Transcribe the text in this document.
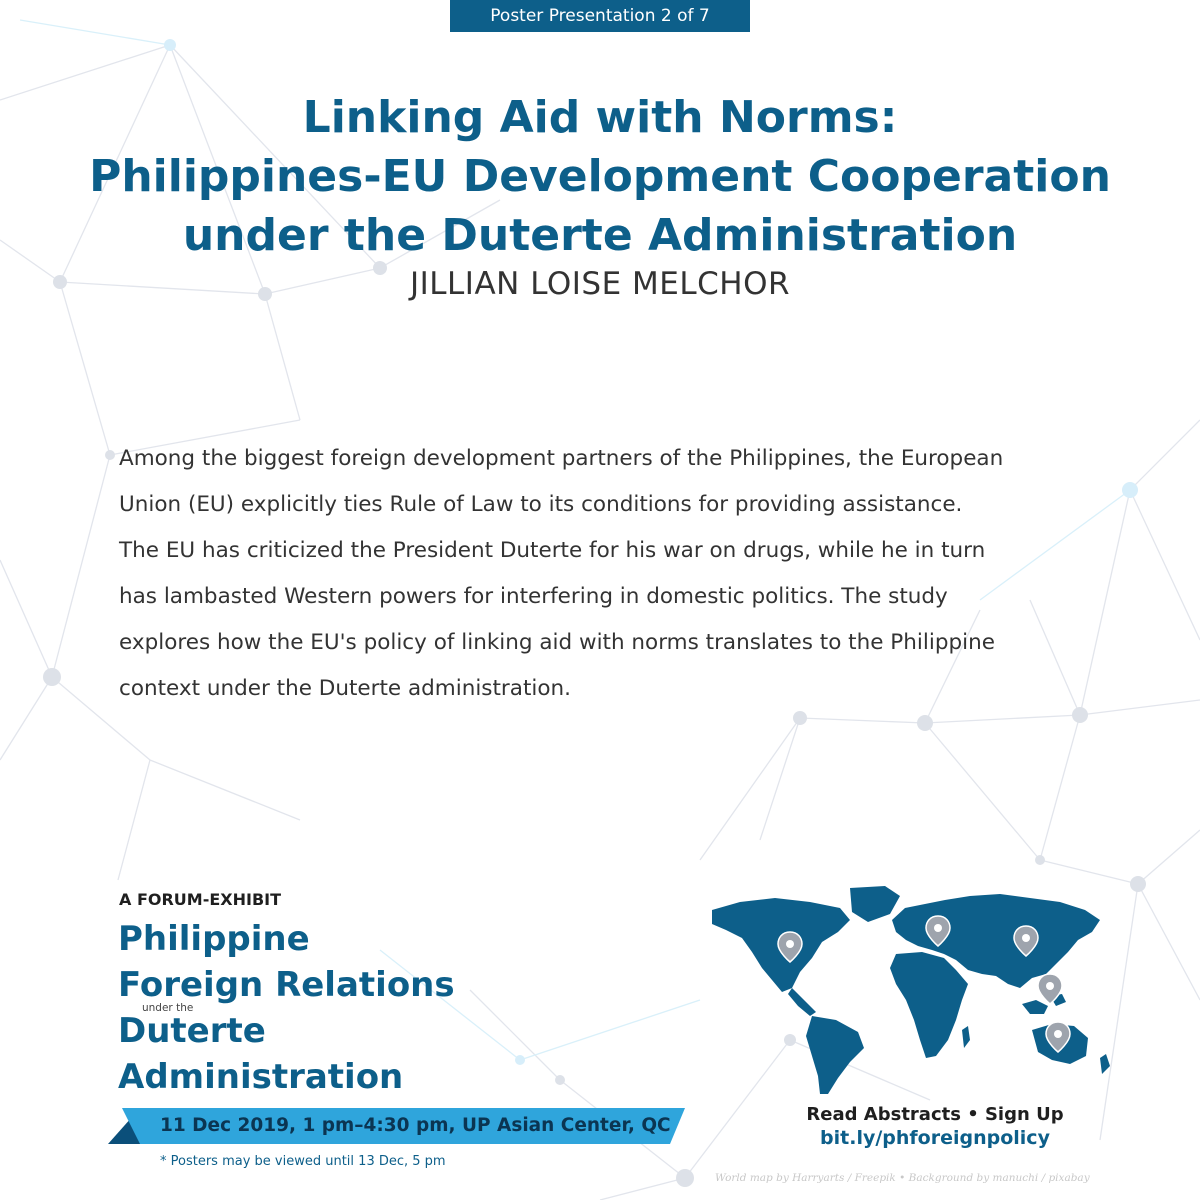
Poster Presentation 2 of 7
Linking Aid with Norms:
Philippines-EU Development Cooperation
under the Duterte Administration
JILLIAN LOISE MELCHOR

Among the biggest foreign development partners of the Philippines, the European
Union (EU) explicitly ties Rule of Law to its conditions for providing assistance.
The EU has criticized the President Duterte for his war on drugs, while he in turn
has lambasted Western powers for interfering in domestic politics. The study
explores how the EU's policy of linking aid with norms translates to the Philippine
context under the Duterte administration.

A FORUM-EXHIBIT
Philippine
Foreign Relations
Duterte
Administration
under the
11 Dec 2019, 1 pm–4:30 pm, UP Asian Center, QC
* Posters may be viewed until 13 Dec, 5 pm
Read Abstracts • Sign Up
bit.ly/phforeignpolicy
World map by Harryarts / Freepik • Background by manuchi / pixabay
